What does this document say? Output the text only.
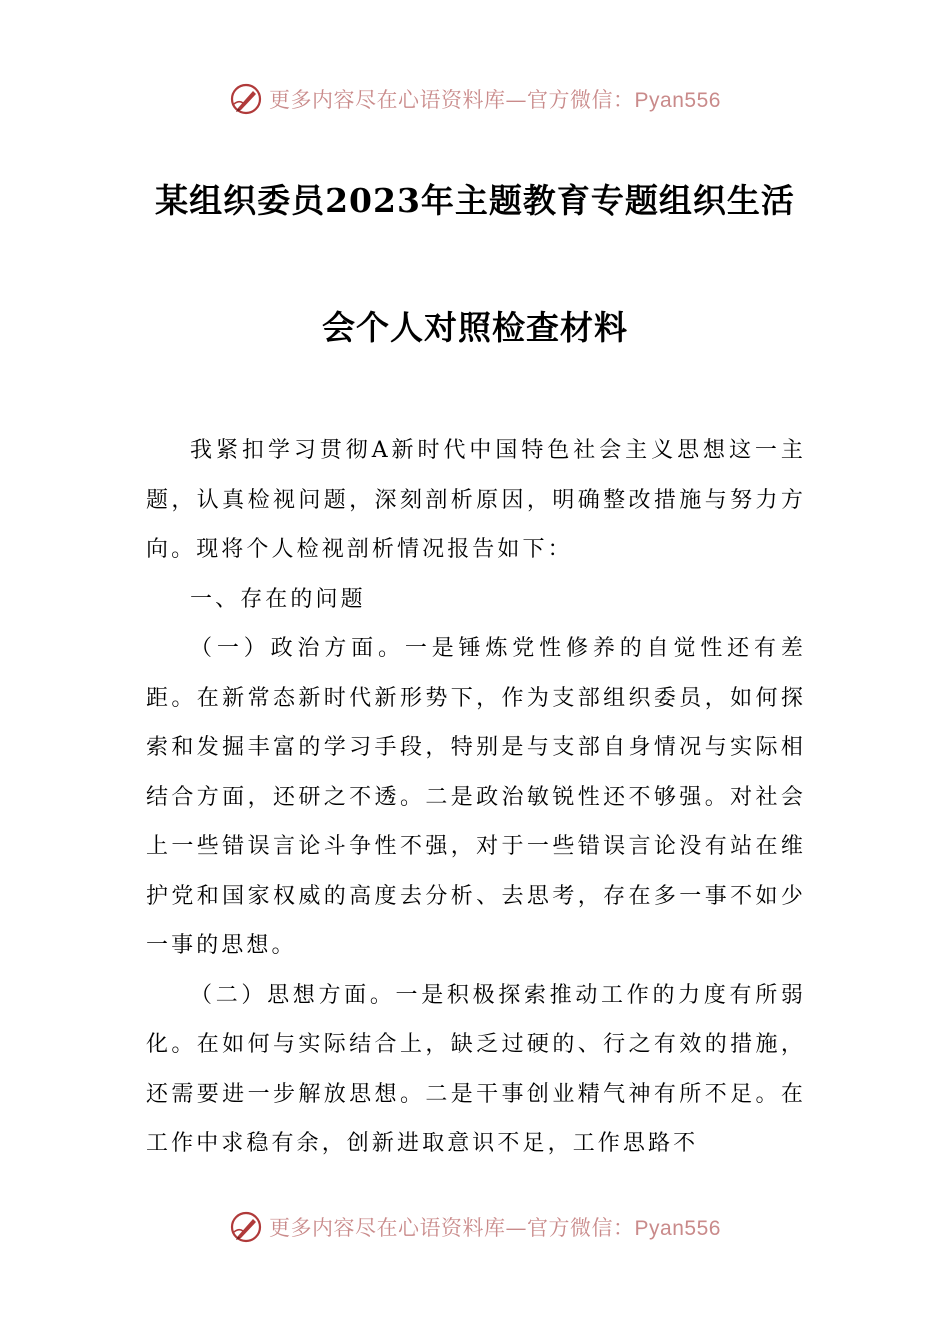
更多内容尽在心语资料库—官方微信：Pyan556
某组织委员2023年主题教育专题组织生活
会个人对照检查材料

我紧扣学习贯彻A新时代中国特色社会主义思想这一主题，认真检视问题，深刻剖析原因，明确整改措施与努力方向。现将个人检视剖析情况报告如下：

一、存在的问题

（一）政治方面。一是锤炼党性修养的自觉性还有差距。在新常态新时代新形势下，作为支部组织委员，如何探索和发掘丰富的学习手段，特别是与支部自身情况与实际相结合方面，还研之不透。二是政治敏锐性还不够强。对社会上一些错误言论斗争性不强，对于一些错误言论没有站在维护党和国家权威的高度去分析、去思考，存在多一事不如少一事的思想。

（二）思想方面。一是积极探索推动工作的力度有所弱化。在如何与实际结合上，缺乏过硬的、行之有效的措施，还需要进一步解放思想。二是干事创业精气神有所不足。在工作中求稳有余，创新进取意识不足，工作思路不

更多内容尽在心语资料库—官方微信：Pyan556
